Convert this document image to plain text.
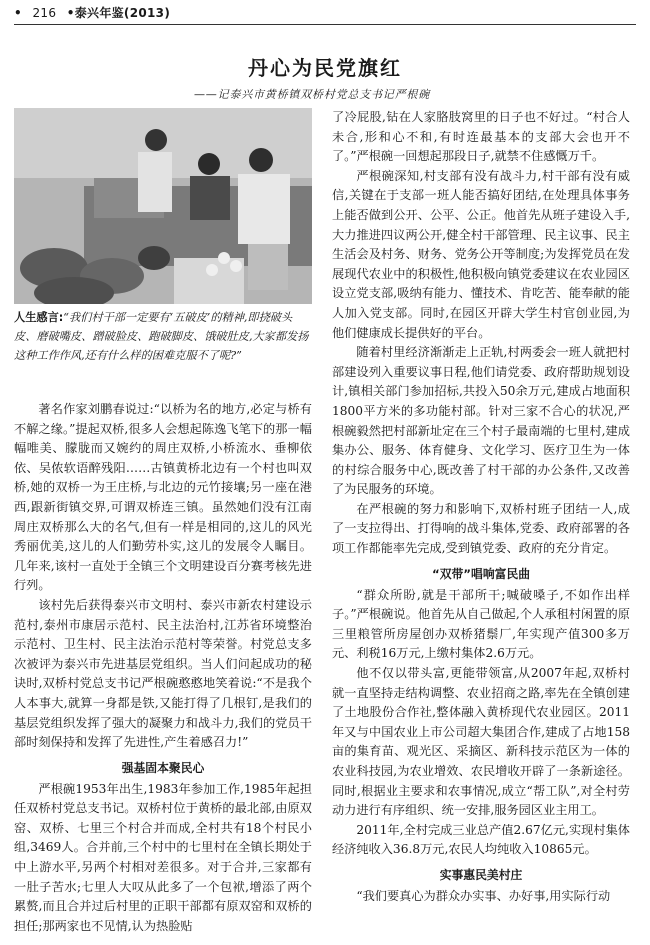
• 216 •泰兴年鉴(2013)
丹心为民党旗红
——记泰兴市黄桥镇双桥村党总支书记严根碗
人生感言:“我们村干部一定要有‘五破皮’的精神,即挠破头皮、磨破嘴皮、蹭破脸皮、跑破脚皮、饿破肚皮,大家都发扬这种工作作风,还有什么样的困难克服不了呢?”

著名作家刘鹏春说过:“以桥为名的地方,必定与桥有不解之缘。”提起双桥,很多人会想起陈逸飞笔下的那一幅幅唯美、朦胧而又婉约的周庄双桥,小桥流水、垂柳依依、吴侬软语醉残阳……古镇黄桥北边有一个村也叫双桥,她的双桥一为王庄桥,与北边的元竹接壤;另一座在港西,跟新街镇交界,可谓双桥连三镇。虽然她们没有江南周庄双桥那么大的名气,但有一样是相同的,这儿的风光秀丽优美,这儿的人们勤劳朴实,这儿的发展令人瞩目。几年来,该村一直处于全镇三个文明建设百分赛考核先进行列。

该村先后获得泰兴市文明村、泰兴市新农村建设示范村,泰州市康居示范村、民主法治村,江苏省环境整治示范村、卫生村、民主法治示范村等荣誉。村党总支多次被评为泰兴市先进基层党组织。当人们问起成功的秘诀时,双桥村党总支书记严根碗憨憨地笑着说:“不是我个人本事大,就算一身都是铁,又能打得了几根钉,是我们的基层党组织发挥了强大的凝聚力和战斗力,我们的党员干部时刻保持和发挥了先进性,产生着感召力!”

强基固本聚民心

严根碗1953年出生,1983年参加工作,1985年起担任双桥村党总支书记。双桥村位于黄桥的最北部,由原双窑、双桥、七里三个村合并而成,全村共有18个村民小组,3469人。合并前,三个村中的七里村在全镇长期处于中上游水平,另两个村相对差很多。对于合并,三家都有一肚子苦水;七里人大叹从此多了一个包袱,增添了两个累赘,而且合并过后村里的正职干部都有原双窑和双桥的担任;那两家也不见情,认为热脸贴

了冷屁股,钻在人家胳肢窝里的日子也不好过。“村合人未合,形和心不和,有时连最基本的支部大会也开不了。”严根碗一回想起那段日子,就禁不住感慨万千。

严根碗深知,村支部有没有战斗力,村干部有没有威信,关键在于支部一班人能否搞好团结,在处理具体事务上能否做到公开、公平、公正。他首先从班子建设入手,大力推进四议两公开,健全村干部管理、民主议事、民主生活会及村务、财务、党务公开等制度;为发挥党员在发展现代农业中的积极性,他积极向镇党委建议在农业园区设立党支部,吸纳有能力、懂技术、肯吃苦、能奉献的能人加入党支部。同时,在园区开辟大学生村官创业园,为他们健康成长提供好的平台。

随着村里经济渐渐走上正轨,村两委会一班人就把村部建设列入重要议事日程,他们请党委、政府帮助规划设计,镇相关部门参加招标,共投入50余万元,建成占地面积1800平方米的多功能村部。针对三家不合心的状况,严根碗毅然把村部新址定在三个村子最南端的七里村,建成集办公、服务、体育健身、文化学习、医疗卫生为一体的村综合服务中心,既改善了村干部的办公条件,又改善了为民服务的环境。

在严根碗的努力和影响下,双桥村班子团结一人,成了一支拉得出、打得响的战斗集体,党委、政府部署的各项工作都能率先完成,受到镇党委、政府的充分肯定。

“双带”唱响富民曲

“群众所盼,就是干部所干;喊破嗓子,不如作出样子。”严根碗说。他首先从自己做起,个人承租村闲置的原三里粮管所房屋创办双桥猪鬃厂,年实现产值300多万元、利税16万元,上缴村集体2.6万元。

他不仅以带头富,更能带领富,从2007年起,双桥村就一直坚持走结构调整、农业招商之路,率先在全镇创建了土地股份合作社,整体融入黄桥现代农业园区。2011年又与中国农业上市公司超大集团合作,建成了占地158亩的集育苗、观光区、采摘区、新科技示范区为一体的农业科技园,为农业增效、农民增收开辟了一条新途径。同时,根据业主要求和农事情况,成立“帮工队”,对全村劳动力进行有序组织、统一安排,服务园区业主用工。

2011年,全村完成三业总产值2.67亿元,实现村集体经济纯收入36.8万元,农民人均纯收入10865元。

实事惠民美村庄

“我们要真心为群众办实事、办好事,用实际行动
